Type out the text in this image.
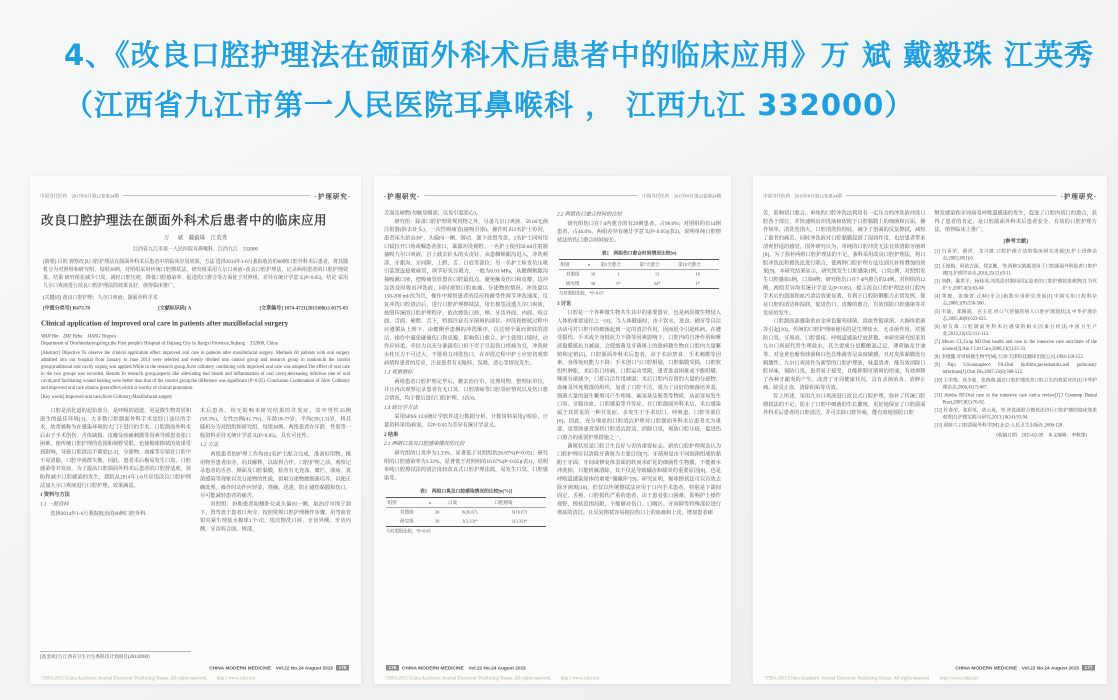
4、《改良口腔护理法在颌面外科术后患者中的临床应用》万 斌 戴毅珠 江英秀
（江西省九江市第一人民医院耳鼻喉科 ， 江西九江 332000）
中国当代医药　2015年8月第22卷第24期	·护理研究·
改良口腔护理法在颌面外科术后患者中的临床应用
万 斌　戴毅珠　江英秀
江西省九江市第一人民医院耳鼻喉科，江西九江　332000
[摘要] 目的 观察改良口腔护理法在颌面外科术后患者中的临床应用效果。方法 选择2014年1-6月我院收治的60例口腔外科术后患者，将其随机分为对照组和研究组，每组30例。对照组采用传统口腔擦拭法，研究组采用九尔口爽液+改良口腔护理法，记录两组患者的口腔护理效果。结果 研究组在减少口臭、减轻口腔压疮、降低口腔感染率、促进伤口愈合等方面优于对照组，差异有统计学意义(P<0.05)。结论 采用九尔口爽液进行改良口腔护理法的效果良好，值得临床推广。
[关键词] 改良口腔护理；九尔口爽液；颌面外科手术
[中图分类号] R473.78	[文献标识码] A	[文章编号] 1674-4721(2015)08(c)-0175-03
Clinical application of improved oral care in patients after maxillofacial surgery
WAN Bin　DAI Yizhu　JIANG Yingxiu
Department of Otorhinolaryngology,the First people's Hospital of Jiujiang City in Jiangxi Province,Jiujiang　332000, China
[Abstract] Objective To observe the clinical application effect improved oral care in patients after maxillofacial surgery. Methods 60 patients with oral surgery admitted into our hospital from January to June 2014 were selected and evenly divided into control group and research group in random.In the control group,traditional oral cavity wiping was applied.While in the research group,Jiu'er collutory combining with improved oral care was adopted.The effect of oral care in the two groups was recorded. Results In research group,aspects like alleviating bad breath and inflammation of oral cavity,decreasing infection rate of oral cavity,and facilitating wound healing were better than that of the control group,the difference was significant (P<0.05). Conclusion Combination of Jiu'er Collutory and improved oral care obtains great effect,which is worthy of clinical promotion.
[Key words] Improved oral care;Jiu'er Collutory;Maxillofacial surgery

口腔是消化道的起始部分，是呼吸的通道，更是微生物寄居和滋生的最佳环境[1]。大多数口腔颌面外科手术是经口途径的手术，故常被称为在感染环境的大门下进行的手术。口腔颌面外科术后由于手术创伤、舌体缺损、皮瓣及疼痛刺激等因素导致患者张口困难，使传统口腔护理的范围和视野受限，也使棉球擦拭的效果受到影响，导致口腔清洁不彻底[2-3]，分泌物、血痂等存留在口腔中不易清除，口腔中菌群失衡，因此，患者术后极易发生口臭、口腔感染等并发症。为了提高口腔颌面外科术后患者的口腔舒适度，预防和减少口腔感染的发生，我院从2014年1-6月应用改良口腔护理法加九尔口爽液进行口腔护理，效果满意。

1 资料与方法

1.1 一般资料

选择2014年1-6月我院收治的60例口腔外科

[基金项目] 江西省卫生计生委科技计划项目(20142080)

术后患者，均无影响本研究结果的并发症。其中男性35例(58.3%)，女性25例(41.7%)，年龄18-77岁，平均(39±1.5)岁，将其随机分为对照组和研究组，每组30例。两组患者在年龄、性别等一般资料差异无统计学意义(P>0.05)，具有可比性。

1.2 方法

两组患者的护理工作均由2名护士配合完成，准备好用物，携用物至患者床旁，向其解释，以取得合作。口腔护理之前，观察记录患者的舌苔、颜面及口腔黏膜，检查有无充血、糜烂、溃疡、真菌感染等现象以及分泌物的性质，留取分泌物做细菌培养，以便正确处理。操作时动作应轻柔、准确、迅速，防止碰伤黏膜和伤口，尽可能减轻患者的痛苦。

对照组：协助患者取侧卧位或头偏向一侧，取治疗巾围于颌下，置弯盘于患者口角旁，按照常规口腔护理操作步骤，用弯血管钳夹紧生理盐水棉球1个/次，依次擦洗口唇、牙齿外侧、牙齿内侧、牙齿咬合面、颊部，

CHINA MODERN MEDICINE　Vol.22 No.24 August 2015 175
?1994-2015 China Academic Journal Electronic Publishing House. All rights reserved.　　http://www.cnki.net
·护理研究·	中国当代医药　2015年8月第22卷第24期

舌面及硬腭(勿触及咽部，以免引起恶心)。

研究组：除备口腔护理常规用物之外，另备九尔口爽液、50 ml无菌注射器(除去针头)、一次性吸痰管(接吸引器)。操作时由2名护士协同，患者床头抬高30°，头偏向一侧，制动，颌下放置弯盘，2名护士同时用口镜拉开口角或嘱患者张口，暴露冲洗视野。一名护士使用50 ml注射器抽吸九尔口爽液，自上截去针头的头皮针，从患侧颊龈沟进入，冲洗颊部、牙龈沟、牙间隙、上腭、舌、口底等部位；另一名护士检查负压吸引装置连接吸痰管，调节好负压吸力，一般为0.01 MPa，从健侧颊龈沟抽吸漱口液，把吸痰管放置在口腔最低点，避免触及伤口和皮瓣，边冲边洗及时吸出冲洗液，同时观察口腔血痂、分泌物的情况。冲洗量以150-200 ml/次为宜，操作中观察患者的反应和耐受性调节冲洗速度，反复冲洗口腔清洁后，进行口腔护理擦拭法，用长棉签浸透九尔口爽液，按照传统的口腔护理程序，依次擦洗口唇、颊、牙齿外面、内面、咬合面、舌面、硬腭、舌下，特别注意有牙菌斑的部位。冲洗和擦拭过程中应遵循从上到下、由健侧至患侧的冲洗顺序，以达到全面而彻底的清洁，操作中避免碰撞伤口和皮瓣，影响伤口愈合。护士使用口镜时，动作应轻柔，牵拉力以充分暴露伤口但不至于引起伤口疼痛为宜，冲洗时水柱压力不可过大，不要用力冲洗伤口，在冲洗过程中护士应密切观察病情和患者的反应，注意患者有无呛咳、误吸、恶心等情况发生。

1.3 观察指标

两组患者口腔护理完毕后，撤去治疗巾，处理用物，整理床单位，并且再次观察记录患者有无口臭、口腔溃疡等口腔炎症情况以及伤口愈合情况，均于餐后进行口腔护理，3次/d。

1.4 统计学方法

采用SPSS 13.0统计学软件进行数据分析，计数资料采用χ²检验，计量资料采用t检验，以P<0.05为差异有统计学意义。

2 结果

2.1 两组口臭及口腔感染情况的比较

研究组的口臭率为3.33%，显著低于对照组的26.67%(P<0.05)；研究组的口腔感染率为3.33%，显著低于对照组的16.67%(P<0.05)(表1)，说明单纯口腔擦拭法的清洁度较改良式口腔护理法低，易发生口臭、口腔感染等。

表1　两组口臭及口腔感染情况的比较[n(%)]
组别	n	口臭	口腔感染
对照组	30	8(26.67)	5(16.67)
研究组	30	1(3.33)*	1(3.33)*
与对照组比较，*P<0.05

2.2 两组伤口愈合时间的比较

研究组伤口在7 d内愈合的有29例患者，占96.6%；对照组的有14例患者，占46.6%，两组差异有统计学意义(P<0.05)(表2)，说明单纯口腔擦拭法的伤口愈合时间较长。

表2　两组伤口愈合时间情况比较(n)
组别	n	第5天愈合	第7天愈合	第10天愈合
对照组	30	1	13	16
研究组	30	5*	24*	1*
与对照组比较，*P<0.05

3 讨论

口腔是一个各种微生物共生其中的重要器官，也是病原微生物侵入人体的重要途径之一[4]。当人体健康时，由于饮水、进食、刷牙等自洁活动可对口腔中的细菌起到一定的清洁作用，因而很少引起疾病。在遭受损伤、手术或全身抵抗力下降等因素影响下，口腔内的自净作用和唾液黏膜抵抗力减弱，会使细菌及牙菌斑上的致病微生物在口腔内大量繁殖和定植[5]。口腔颌面外科术后患者，由于术前禁食、手术刺激等因素，身体免疫能力下降；手术创口与口腔相通，口腔黏膜受损，口腔软组织肿胀，术后伤口疼痛，口腔运动受限，患者进食困难或不能咀嚼，唾液分泌减少，口腔自洁作用减弱；术后口腔内存留的大量的分泌物、血痂及坏死脱落的组织，加重了口腔不洁，成为了良好的细菌培养基，细菌大量的滋生繁殖可产生吲哚、硫氢基及胺类等物质，从而容易发生口臭、牙龈出血、口腔感染等并发症。在口腔颌面外科术后，术后感染属于其常见的一种并发症，多发生于手术切口、呼吸道、口腔等部位[6]。因此，充分彻底的口腔清洁护理对口腔颌面外科术后患者尤为重要，是帮助患者保持口腔清洁舒适，消除口臭，预防口腔压疮，促进伤口愈合的重要护理措施之一。

菌斑状况是口腔卫生良好与否的重要标志。新的口腔护理观念认为口腔护理应以清除牙菌斑为主要目的[7]。牙菌斑是由不同细菌组成的黏附于牙面、牙间或修复体表面的软而未矿化的细菌性生物膜，不能被水冲洗掉，只能机械清除，其不仅是导致龋齿和龈炎的重要原因[8]，也是呼吸道感染原体的重要“储藏库”[9]。研究证明，棉球擦拭法可以有效去除牙菌斑[10]，但仅以传统擦拭法应用于口内手术患者，特别是下颌间固定、舌癌、口腔损伤严重的患者，由于患者张口困难，影响护士操作视野，擦拭范围局限，不能够对伤口、口咽区、牙间隙等特殊部位进行彻底的清洁，且反复擦拭容易拖拉伤口上的血痂和上皮，增加患者痛

176 CHINA MODERN MEDICINE　Vol.22 No.24 August 2015
?1994-2015 China Academic Journal Electronic Publishing House. All rights reserved.　　http://www.cnki.net
中国当代医药　2015年8月第22卷第24期	·护理研究·

苦，影响切口愈合。单纯的口腔冲洗法利用有一定压力的冲洗液冲洗口腔各个部位，并快速吸出冲洗液和依附于口腔黏膜上的细菌和污垢，操作简单，清洗范围大，口腔清洗较彻底，减少了创面的反复擦拭，减短了患者的痛苦，同时冲洗液对口腔黏膜起到了湿润作用，也给患者带来清爽舒适的感觉。国外研究认为，单纯的口腔冲洗无法有效清除牙菌斑[8]。为了弥补两组口腔护理法的不足，我科采用改良口腔护理法，将口腔冲洗法和擦洗法进行联合，使两种口腔护理方法达到互补和叠加的效果[9]。本研究结果显示，研究组发生口腔感染1例，口臭1例，对照组发生口腔感染5例，口臭8例；研究组伤口在7 d内愈合的24例，对照组的12例，两组差异均有统计学意义(P<0.05)，提示改良口腔护理法对口腔内手术后的创面和血污清洁效果显著，有利于口腔防御能力正常发挥，保证口腔的清洁和湿润，促进伤口、皮瓣的愈合，有效预防口腔感染等并发症的发生。

口腔颌面部感染常由金黄色葡萄球菌、溶血性链球菌、大肠埃希菌等引起[10]。传统的口腔护理液使用的是生理盐水，无杀菌作用，对预防口臭、牙周炎、口腔溃疡、呼吸道感染疗效甚微。本研究研究组采用九尔口爽液代替生理盐水，其主要成分是醋酸氯己定、薄荷脑及甘油等，对金黄色葡萄球菌和白色念珠菌等呈高度敏感，且对皮肤黏膜没有刺激性。九尔口爽液作为新型的口腔护理液，味道清香，能有效消除口腔异味，预防口臭，患者易于接受，且能抑制牙菌斑的形成，有效抑制了各种牙龈炎的产生，改善了牙周健康状况，具有杀菌消炎、消肿止痛、除臭止血、清除积垢等功效。

综上所述，采用九尔口爽液进行改良式口腔护理，弥补了传统口腔擦拭法的不足，防止了口腔中细菌的生长繁殖，更好地保证了口腔颌面外科术后患者的口腔清洁，并可去除口腔异味，能有效地预防口腔

继发感染和牙周病及呼吸道感染的发生，促进了口腔内切口的愈合，获得了患者的肯定，是口腔颌面外科术后患者安全、有效的口腔护理方法，值得临床上推广。

[参考文献]

[1] 白喜荣，薛萍，龙兴敏.口腔护理方法的临床研究进展[J].护士进修杂志,2003,18(1):6.

[2] 王艳梅，阿依古丽，郑克勤，等.两种实践都适用于口腔颌面外科患者口腔护理[J].护理学杂志,2010,25(12):9-11.

[3] 刘静，陈世平，杨桂英.冲洗法对颌间固定患者的口腔护理效果观察[J].当代护士,2007,4(3):63-64.

[4] 黄敏，张晓菁.正畸(牙合)指数应用研究进展[J].中国实用口腔科杂志,2008,1(9):558-560.

[5] 韦迪，郑修霞，宫玉花.经口气管插管病人口腔护理现状[J].中华护理杂志,2005,40(8):623-625.

[6] 胡友珠.口腔颌面外科术后感染的相关因素分析[J].中国卫生产业,2013,23(15):111-113.

[7] Munro CL,Grap MJ.Oral health and care in the intensive care unit:State of the science[J].Am J Crit Care,2006,13(1):25-33.

[8] 李德懿.牙周病微生物学[M].天津:天津科技翻译出版公司,1994:150-152.

[9] Paju S,Scannapieco FA.Oral biofilms,periodontitis,and pulmonary infections[J].Oral Dis,2007,13(6):508-512.

[10] 王荣梅，高少茹，张海燕.通过口腔护理改善口腔卫生的效果评价[J].中华护理杂志,2006,41(7):667.

[11] Abidia RF.Oral care in the intensive care unit:a review[J].J Contemp Dental Pract,2007,8(1):76-82.

[12] 杜春荣，张彩英，唐云英，等.冲洗液联合擦拭法进行口腔护理的临床效果观察[J].护理实践与研究,2013,10(14):93-94.

[13] 邱蔚六.口腔颌面外科学[M].北京:人民卫生出版社,2006:128.

(收稿日期：2015-02-09　本文编辑：李秋墨)
CHINA MODERN MEDICINE　Vol.22 No.24 August 2015 177
?1994-2015 China Academic Journal Electronic Publishing House. All rights reserved.　　http://www.cnki.net
